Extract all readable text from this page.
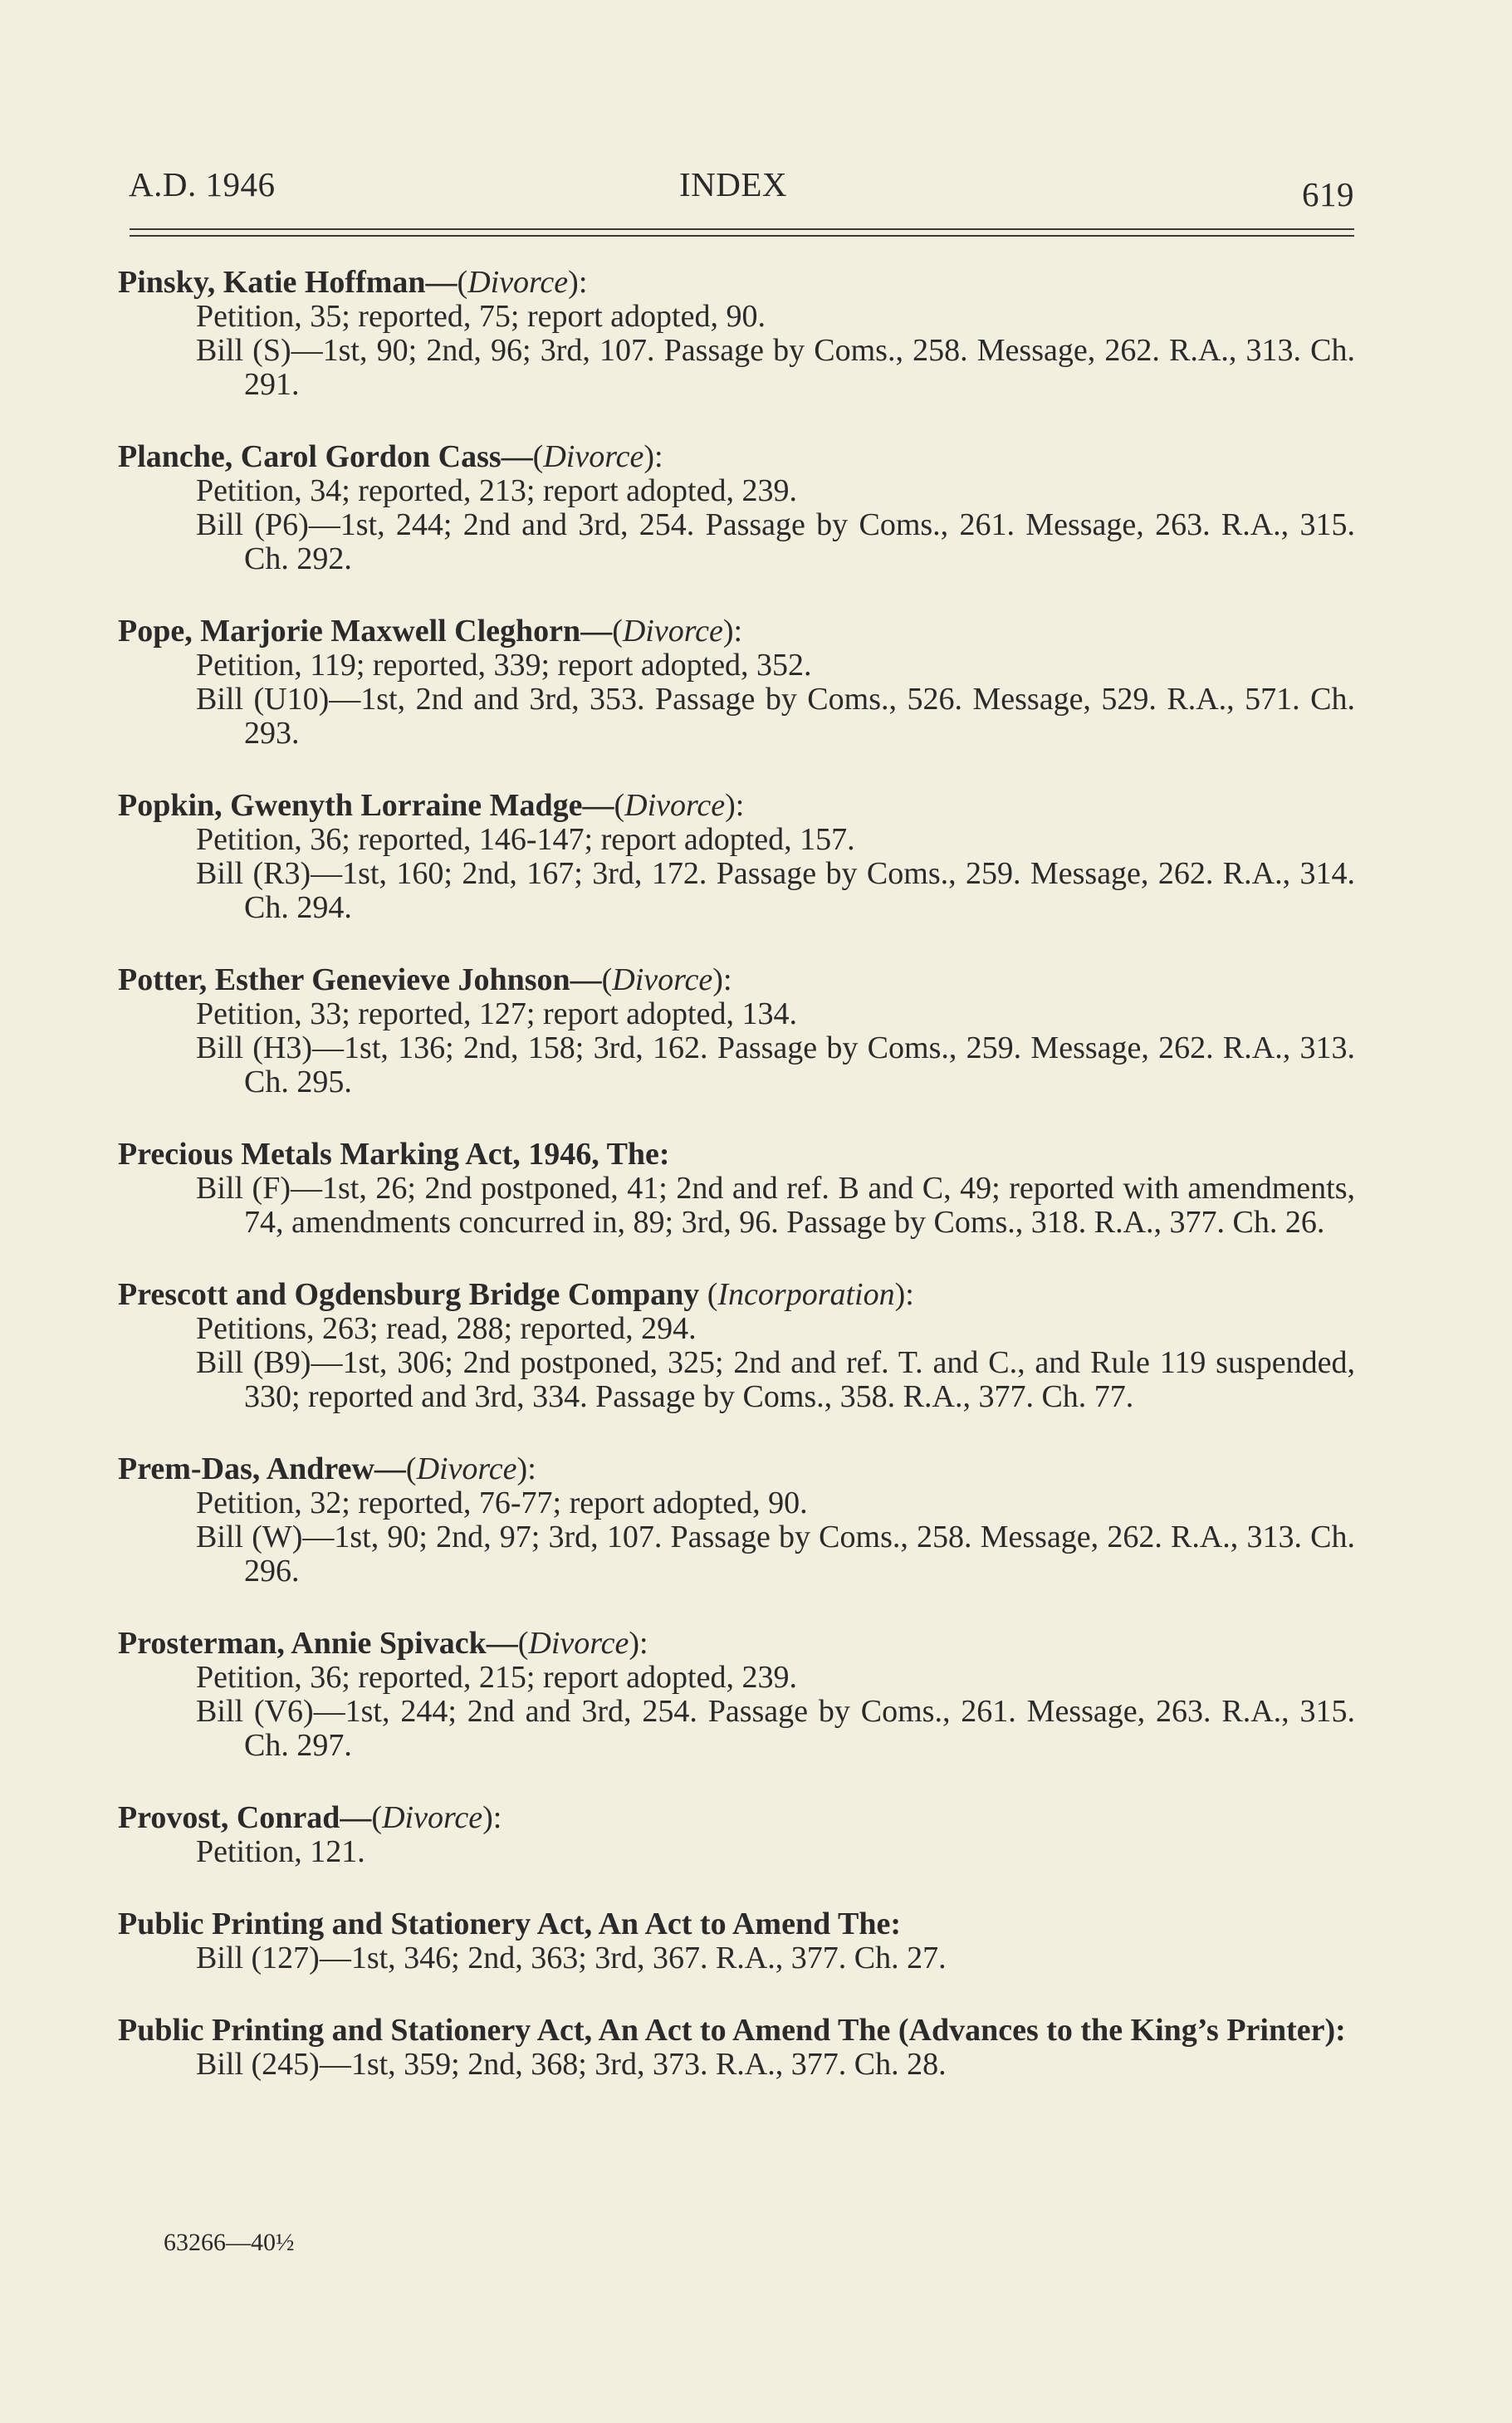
A.D. 1946	INDEX	619
Pinsky, Katie Hoffman—(Divorce):
Petition, 35; reported, 75; report adopted, 90.
Bill (S)—1st, 90; 2nd, 96; 3rd, 107. Passage by Coms., 258. Message, 262. R.A., 313. Ch. 291.
Planche, Carol Gordon Cass—(Divorce):
Petition, 34; reported, 213; report adopted, 239.
Bill (P6)—1st, 244; 2nd and 3rd, 254. Passage by Coms., 261. Message, 263. R.A., 315. Ch. 292.
Pope, Marjorie Maxwell Cleghorn—(Divorce):
Petition, 119; reported, 339; report adopted, 352.
Bill (U10)—1st, 2nd and 3rd, 353. Passage by Coms., 526. Message, 529. R.A., 571. Ch. 293.
Popkin, Gwenyth Lorraine Madge—(Divorce):
Petition, 36; reported, 146-147; report adopted, 157.
Bill (R3)—1st, 160; 2nd, 167; 3rd, 172. Passage by Coms., 259. Message, 262. R.A., 314. Ch. 294.
Potter, Esther Genevieve Johnson—(Divorce):
Petition, 33; reported, 127; report adopted, 134.
Bill (H3)—1st, 136; 2nd, 158; 3rd, 162. Passage by Coms., 259. Message, 262. R.A., 313. Ch. 295.
Precious Metals Marking Act, 1946, The:
Bill (F)—1st, 26; 2nd postponed, 41; 2nd and ref. B and C, 49; reported with amendments, 74, amendments concurred in, 89; 3rd, 96. Passage by Coms., 318. R.A., 377. Ch. 26.
Prescott and Ogdensburg Bridge Company (Incorporation):
Petitions, 263; read, 288; reported, 294.
Bill (B9)—1st, 306; 2nd postponed, 325; 2nd and ref. T. and C., and Rule 119 suspended, 330; reported and 3rd, 334. Passage by Coms., 358. R.A., 377. Ch. 77.
Prem-Das, Andrew—(Divorce):
Petition, 32; reported, 76-77; report adopted, 90.
Bill (W)—1st, 90; 2nd, 97; 3rd, 107. Passage by Coms., 258. Message, 262. R.A., 313. Ch. 296.
Prosterman, Annie Spivack—(Divorce):
Petition, 36; reported, 215; report adopted, 239.
Bill (V6)—1st, 244; 2nd and 3rd, 254. Passage by Coms., 261. Message, 263. R.A., 315. Ch. 297.
Provost, Conrad—(Divorce):
Petition, 121.
Public Printing and Stationery Act, An Act to Amend The:
Bill (127)—1st, 346; 2nd, 363; 3rd, 367. R.A., 377. Ch. 27.
Public Printing and Stationery Act, An Act to Amend The (Advances to the King’s Printer):
Bill (245)—1st, 359; 2nd, 368; 3rd, 373. R.A., 377. Ch. 28.
63266—40½
